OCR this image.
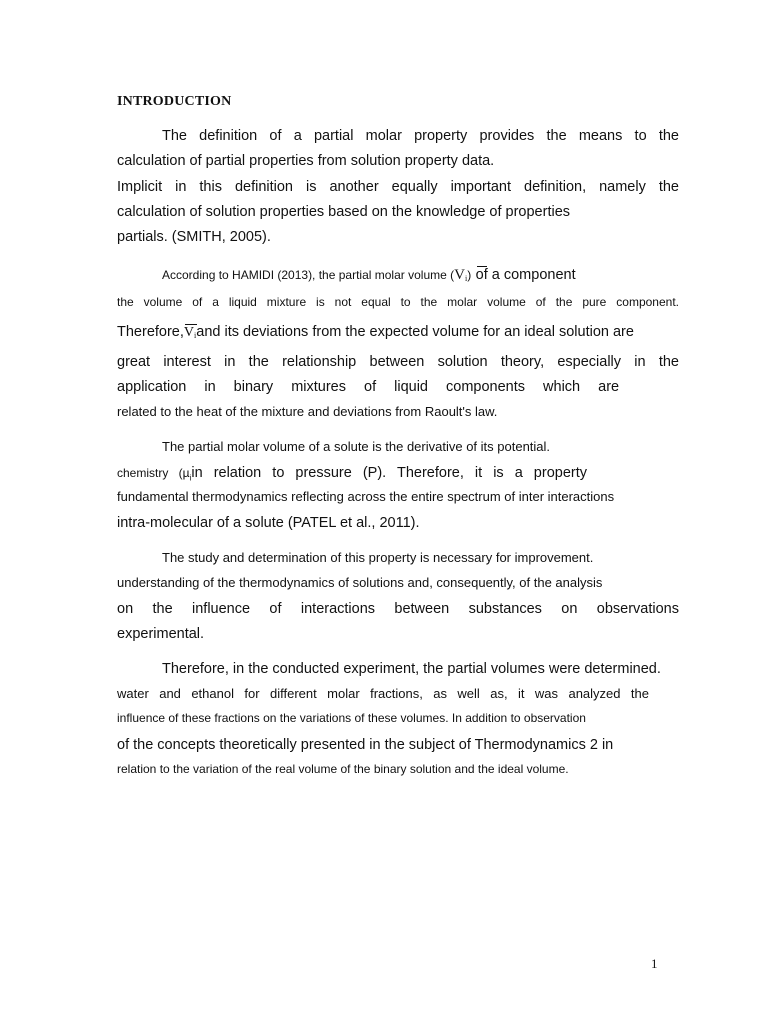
INTRODUCTION
The definition of a partial molar property provides the means to the
calculation of partial properties from solution property data.
Implicit in this definition is another equally important definition, namely the
calculation of solution properties based on the knowledge of properties
partials. (SMITH, 2005).
According to HAMIDI (2013), the partial molar volume $(V_i)$ of a component
the volume of a liquid mixture is not equal to the molar volume of the pure component.
Therefore,
$V_iand$ its deviations from the expected volume for an ideal solution are
great interest in the relationship between solution theory, especially in the
application in binary mixtures of liquid components which are
related to the heat of the mixture and deviations from Raoult's law.
The partial molar volume of a solute is the derivative of its potential.
chemistry (µ$_i$in relation to pressure (P). Therefore, it is a property
fundamental thermodynamics reflecting across the entire spectrum of inter interactions
intra-molecular of a solute (PATEL et al., 2011).
The study and determination of this property is necessary for improvement.
understanding of the thermodynamics of solutions and, consequently, of the analysis
on the influence of interactions between substances on observations
experimental.
Therefore, in the conducted experiment, the partial volumes were determined.
water and ethanol for different molar fractions, as well as, it was analyzed the
influence of these fractions on the variations of these volumes. In addition to observation
of the concepts theoretically presented in the subject of Thermodynamics 2 in
relation to the variation of the real volume of the binary solution and the ideal volume.
1
